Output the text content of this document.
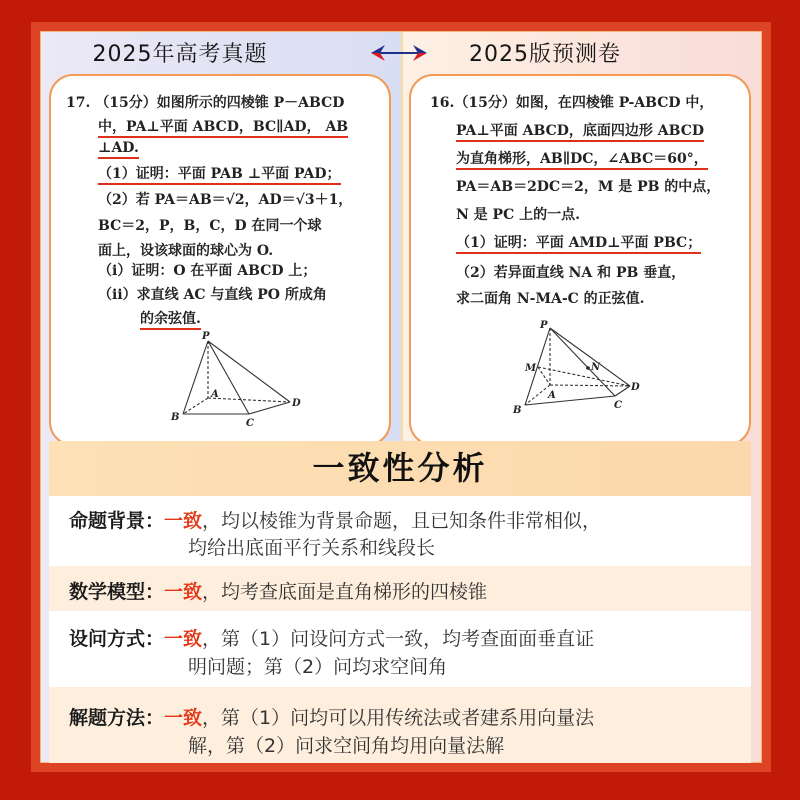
2025年高考真题	2025版预测卷
17. （15分）如图所示的四棱锥 P－ABCD
中，PA⊥平面 ABCD，BC∥AD， AB
⊥AD.
（1）证明：平面 PAB ⊥平面 PAD；
（2）若 PA＝AB＝√2，AD＝√3＋1，
BC＝2，P，B，C，D 在同一个球
面上，设该球面的球心为 O.
（ⅰ）证明：O 在平面 ABCD 上；
（ⅱ）求直线 AC 与直线 PO 所成角
的余弦值.
P
A
B
C
D
16.（15分）如图，在四棱锥 P-ABCD 中，
PA⊥平面 ABCD，底面四边形 ABCD
为直角梯形，AB∥DC，∠ABC＝60°，
PA＝AB＝2DC＝2，M 是 PB 的中点，
N 是 PC 上的一点.
（1）证明：平面 AMD⊥平面 PBC；
（2）若异面直线 NA 和 PB 垂直，
求二面角 N-MA-C 的正弦值.
P
M	N
A
B	C
D
一致性分析
命题背景：一致，均以棱锥为背景命题，且已知条件非常相似，
均给出底面平行关系和线段长
数学模型：一致，均考查底面是直角梯形的四棱锥
设问方式：一致，第（1）问设问方式一致，均考查面面垂直证
明问题；第（2）问均求空间角
解题方法：一致，第（1）问均可以用传统法或者建系用向量法
解，第（2）问求空间角均用向量法解
